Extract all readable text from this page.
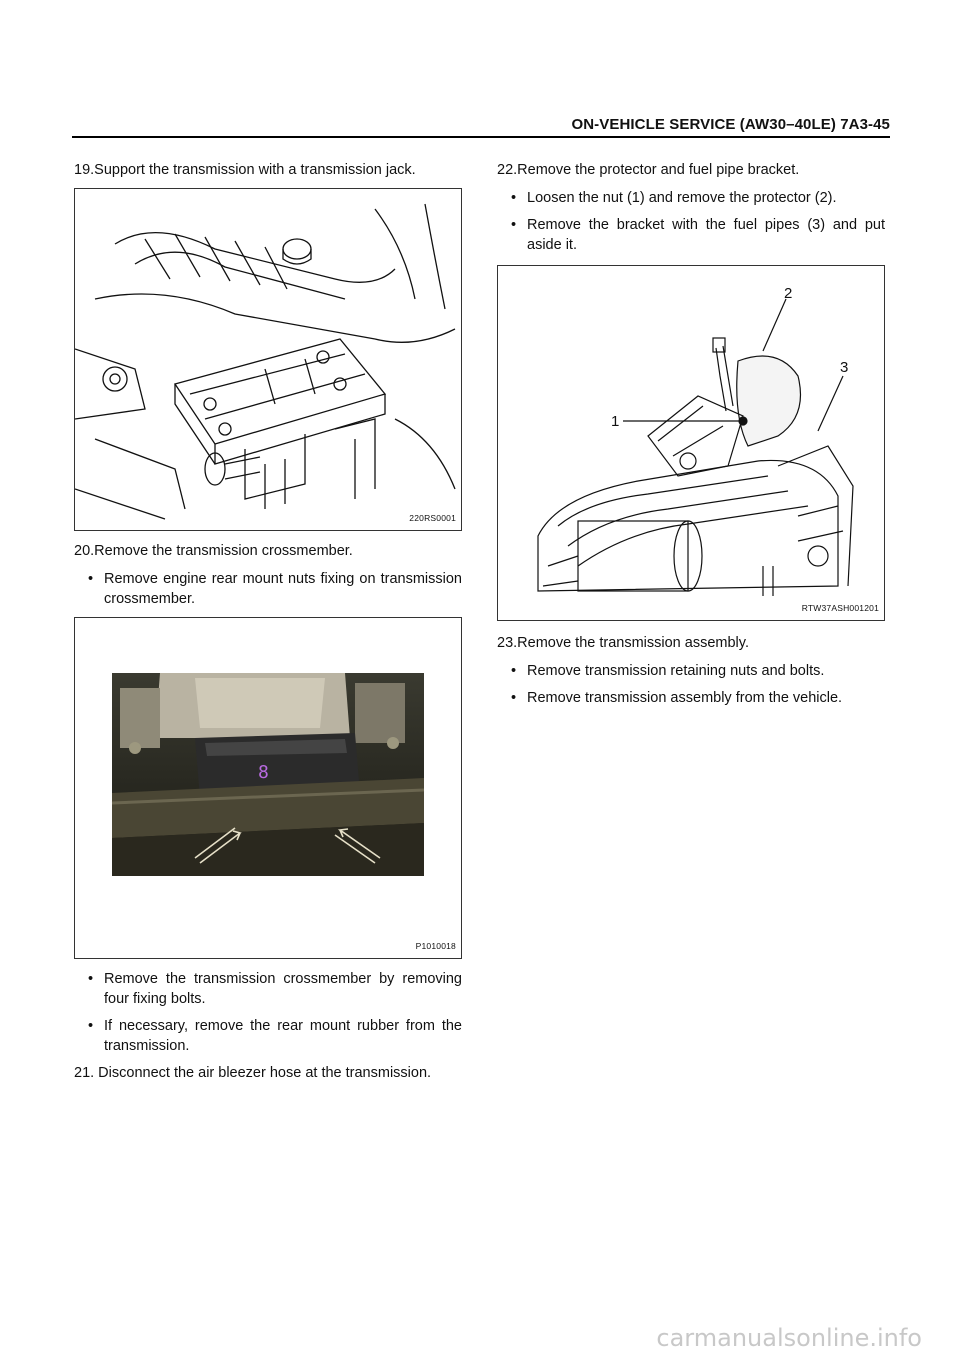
ON-VEHICLE SERVICE (AW30–40LE) 7A3-45
19.Support the transmission with a transmission jack.
220RS0001
20.Remove the transmission crossmember.
• Remove engine rear mount nuts fixing on transmission crossmember.
8
P1010018
• Remove the transmission crossmember by removing four fixing bolts.
• If necessary, remove the rear mount rubber from the transmission.
21. Disconnect the air bleezer hose at the transmission.
22.Remove the protector and fuel pipe bracket.
• Loosen the nut (1) and remove the protector (2).
• Remove the bracket with the fuel pipes (3) and put aside it.
1
2
3
RTW37ASH001201
23.Remove the transmission assembly.
• Remove transmission retaining nuts and bolts.
• Remove transmission assembly from the vehicle.
carmanualsonline.info
